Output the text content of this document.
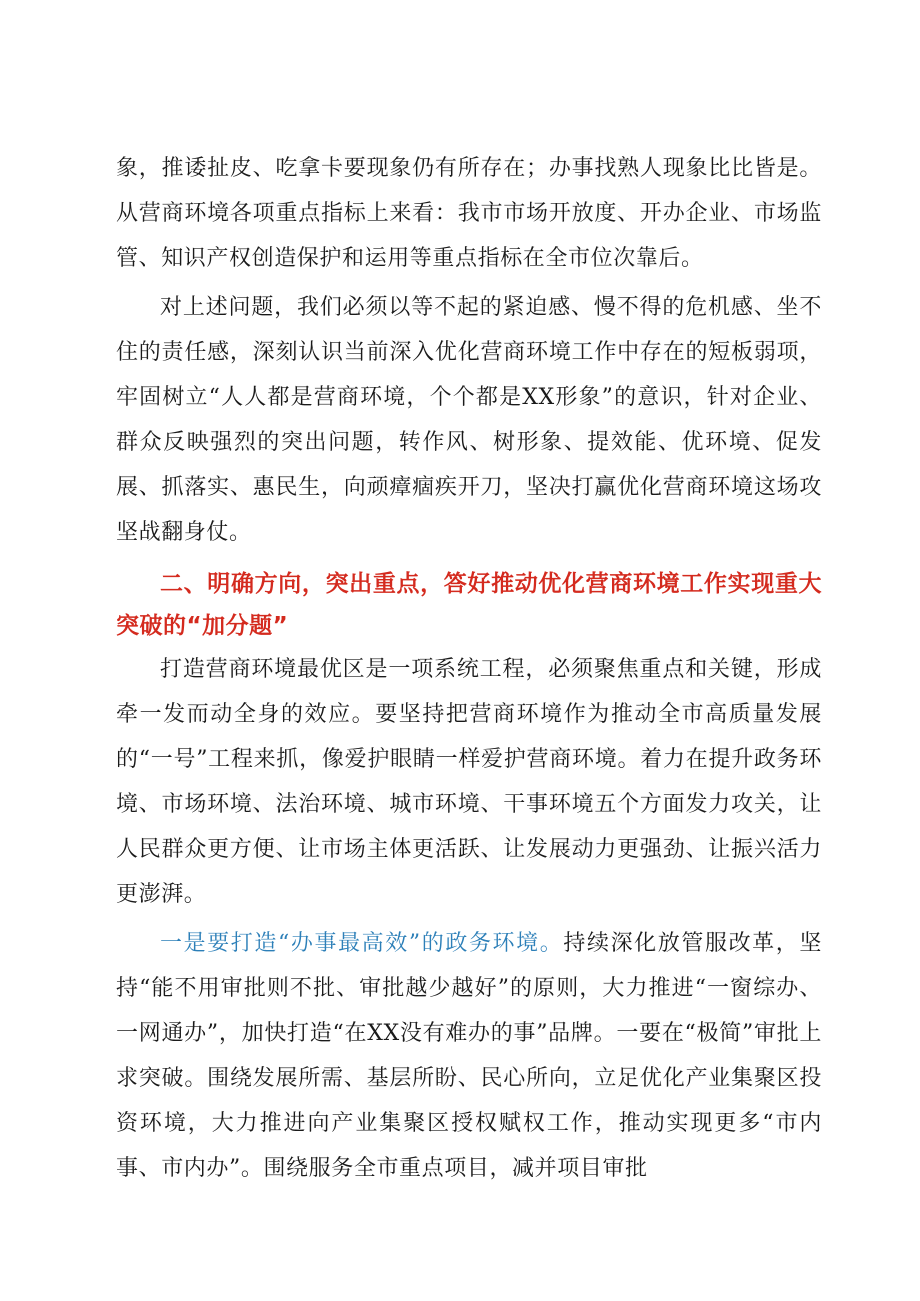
象，推诿扯皮、吃拿卡要现象仍有所存在；办事找熟人现象比比皆是。从营商环境各项重点指标上来看：我市市场开放度、开办企业、市场监管、知识产权创造保护和运用等重点指标在全市位次靠后。

对上述问题，我们必须以等不起的紧迫感、慢不得的危机感、坐不住的责任感，深刻认识当前深入优化营商环境工作中存在的短板弱项，牢固树立“人人都是营商环境，个个都是XX形象”的意识，针对企业、群众反映强烈的突出问题，转作风、树形象、提效能、优环境、促发展、抓落实、惠民生，向顽瘴痼疾开刀，坚决打赢优化营商环境这场攻坚战翻身仗。

二、明确方向，突出重点，答好推动优化营商环境工作实现重大突破的“加分题”

打造营商环境最优区是一项系统工程，必须聚焦重点和关键，形成牵一发而动全身的效应。要坚持把营商环境作为推动全市高质量发展的“一号”工程来抓，像爱护眼睛一样爱护营商环境。着力在提升政务环境、市场环境、法治环境、城市环境、干事环境五个方面发力攻关，让人民群众更方便、让市场主体更活跃、让发展动力更强劲、让振兴活力更澎湃。

一是要打造“办事最高效”的政务环境。持续深化放管服改革，坚持“能不用审批则不批、审批越少越好”的原则，大力推进“一窗综办、一网通办”，加快打造“在XX没有难办的事”品牌。一要在“极简”审批上求突破。围绕发展所需、基层所盼、民心所向，立足优化产业集聚区投资环境，大力推进向产业集聚区授权赋权工作，推动实现更多“市内事、市内办”。围绕服务全市重点项目，减并项目审批
